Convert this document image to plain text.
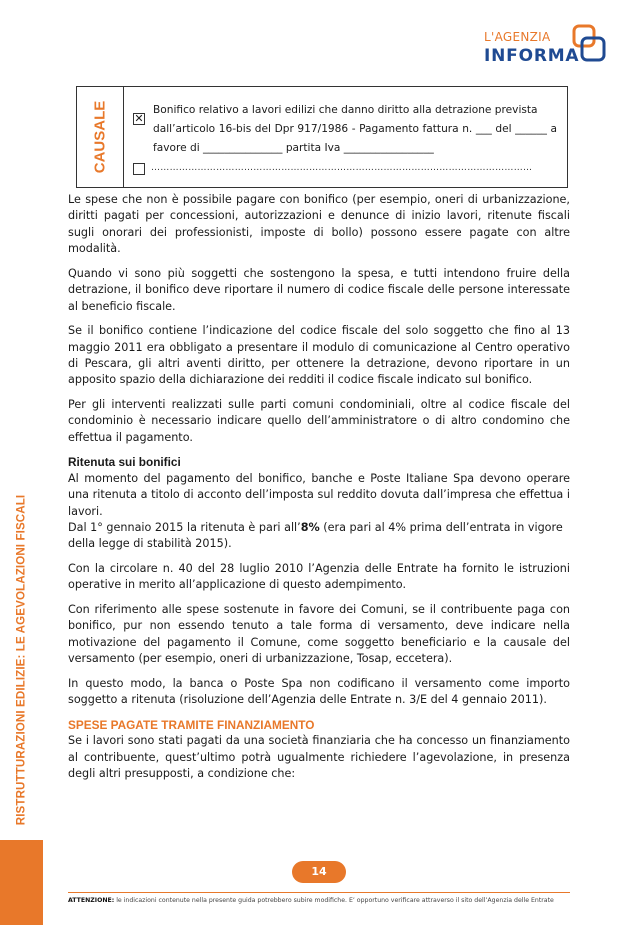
L'AGENZIA
INFORMA
RISTRUTTURAZIONI EDILIZIE: LE AGEVOLAZIONI FISCALI
CAUSALE ✕
Bonifico relativo a lavori edilizi che danno diritto alla detrazione prevista
dall’articolo 16-bis del Dpr 917/1986 - Pagamento fattura n. ___ del ______ a favore di _______________ partita Iva _________________
……………………………………………………………………………………………………………

Le spese che non è possibile pagare con bonifico (per esempio, oneri di urbanizzazione, diritti pagati per concessioni, autorizzazioni e denunce di inizio lavori, ritenute fiscali sugli onorari dei professionisti, imposte di bollo) possono essere pagate con altre modalità.

Quando vi sono più soggetti che sostengono la spesa, e tutti intendono fruire della detrazione, il bonifico deve riportare il numero di codice fiscale delle persone interessate al beneficio fiscale.

Se il bonifico contiene l’indicazione del codice fiscale del solo soggetto che fino al 13 maggio 2011 era obbligato a presentare il modulo di comunicazione al Centro operativo di Pescara, gli altri aventi diritto, per ottenere la detrazione, devono riportare in un apposito spazio della dichiarazione dei redditi il codice fiscale indicato sul bonifico.

Per gli interventi realizzati sulle parti comuni condominiali, oltre al codice fiscale del condominio è necessario indicare quello dell’amministratore o di altro condomino che effettua il pagamento.

Ritenuta sui bonifici

Al momento del pagamento del bonifico, banche e Poste Italiane Spa devono operare una ritenuta a titolo di acconto dell’imposta sul reddito dovuta dall’impresa che effettua i lavori.

Dal 1° gennaio 2015 la ritenuta è pari all’8% (era pari al 4% prima dell’entrata in vigore della legge di stabilità 2015).

Con la circolare n. 40 del 28 luglio 2010 l’Agenzia delle Entrate ha fornito le istruzioni operative in merito all’applicazione di questo adempimento.

Con riferimento alle spese sostenute in favore dei Comuni, se il contribuente paga con bonifico, pur non essendo tenuto a tale forma di versamento, deve indicare nella motivazione del pagamento il Comune, come soggetto beneficiario e la causale del versamento (per esempio, oneri di urbanizzazione, Tosap, eccetera).

In questo modo, la banca o Poste Spa non codificano il versamento come importo soggetto a ritenuta (risoluzione dell’Agenzia delle Entrate n. 3/E del 4 gennaio 2011).

SPESE PAGATE TRAMITE FINANZIAMENTO

Se i lavori sono stati pagati da una società finanziaria che ha concesso un finanziamento al contribuente, quest’ultimo potrà ugualmente richiedere l’agevolazione, in presenza degli altri presupposti, a condizione che:

14
ATTENZIONE: le indicazioni contenute nella presente guida potrebbero subire modifiche. E’ opportuno verificare attraverso il sito dell’Agenzia delle Entrate
